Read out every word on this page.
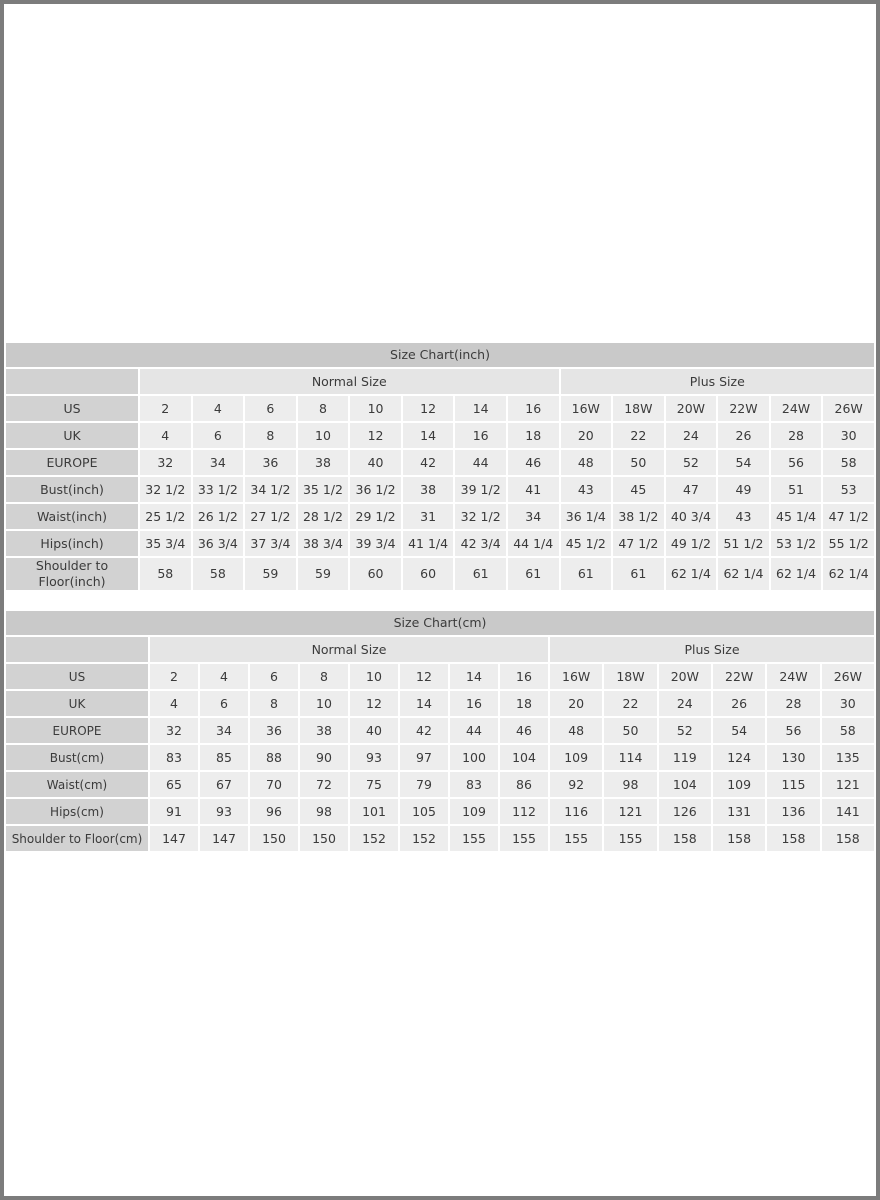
Size Chart(inch)														
	Normal Size								Plus Size					
US	2	4	6	8	10	12	14	16	16W	18W	20W	22W	24W	26W
UK	4	6	8	10	12	14	16	18	20	22	24	26	28	30
EUROPE	32	34	36	38	40	42	44	46	48	50	52	54	56	58
Bust(inch)	32 1/2	33 1/2	34 1/2	35 1/2	36 1/2	38	39 1/2	41	43	45	47	49	51	53
Waist(inch)	25 1/2	26 1/2	27 1/2	28 1/2	29 1/2	31	32 1/2	34	36 1/4	38 1/2	40 3/4	43	45 1/4	47 1/2
Hips(inch)	35 3/4	36 3/4	37 3/4	38 3/4	39 3/4	41 1/4	42 3/4	44 1/4	45 1/2	47 1/2	49 1/2	51 1/2	53 1/2	55 1/2
Shoulder to Floor(inch)	58	58	59	59	60	60	61	61	61	61	62 1/4	62 1/4	62 1/4	62 1/4
Size Chart(cm)														
	Normal Size								Plus Size					
US	2	4	6	8	10	12	14	16	16W	18W	20W	22W	24W	26W
UK	4	6	8	10	12	14	16	18	20	22	24	26	28	30
EUROPE	32	34	36	38	40	42	44	46	48	50	52	54	56	58
Bust(cm)	83	85	88	90	93	97	100	104	109	114	119	124	130	135
Waist(cm)	65	67	70	72	75	79	83	86	92	98	104	109	115	121
Hips(cm)	91	93	96	98	101	105	109	112	116	121	126	131	136	141
Shoulder to Floor(cm)	147	147	150	150	152	152	155	155	155	155	158	158	158	158
